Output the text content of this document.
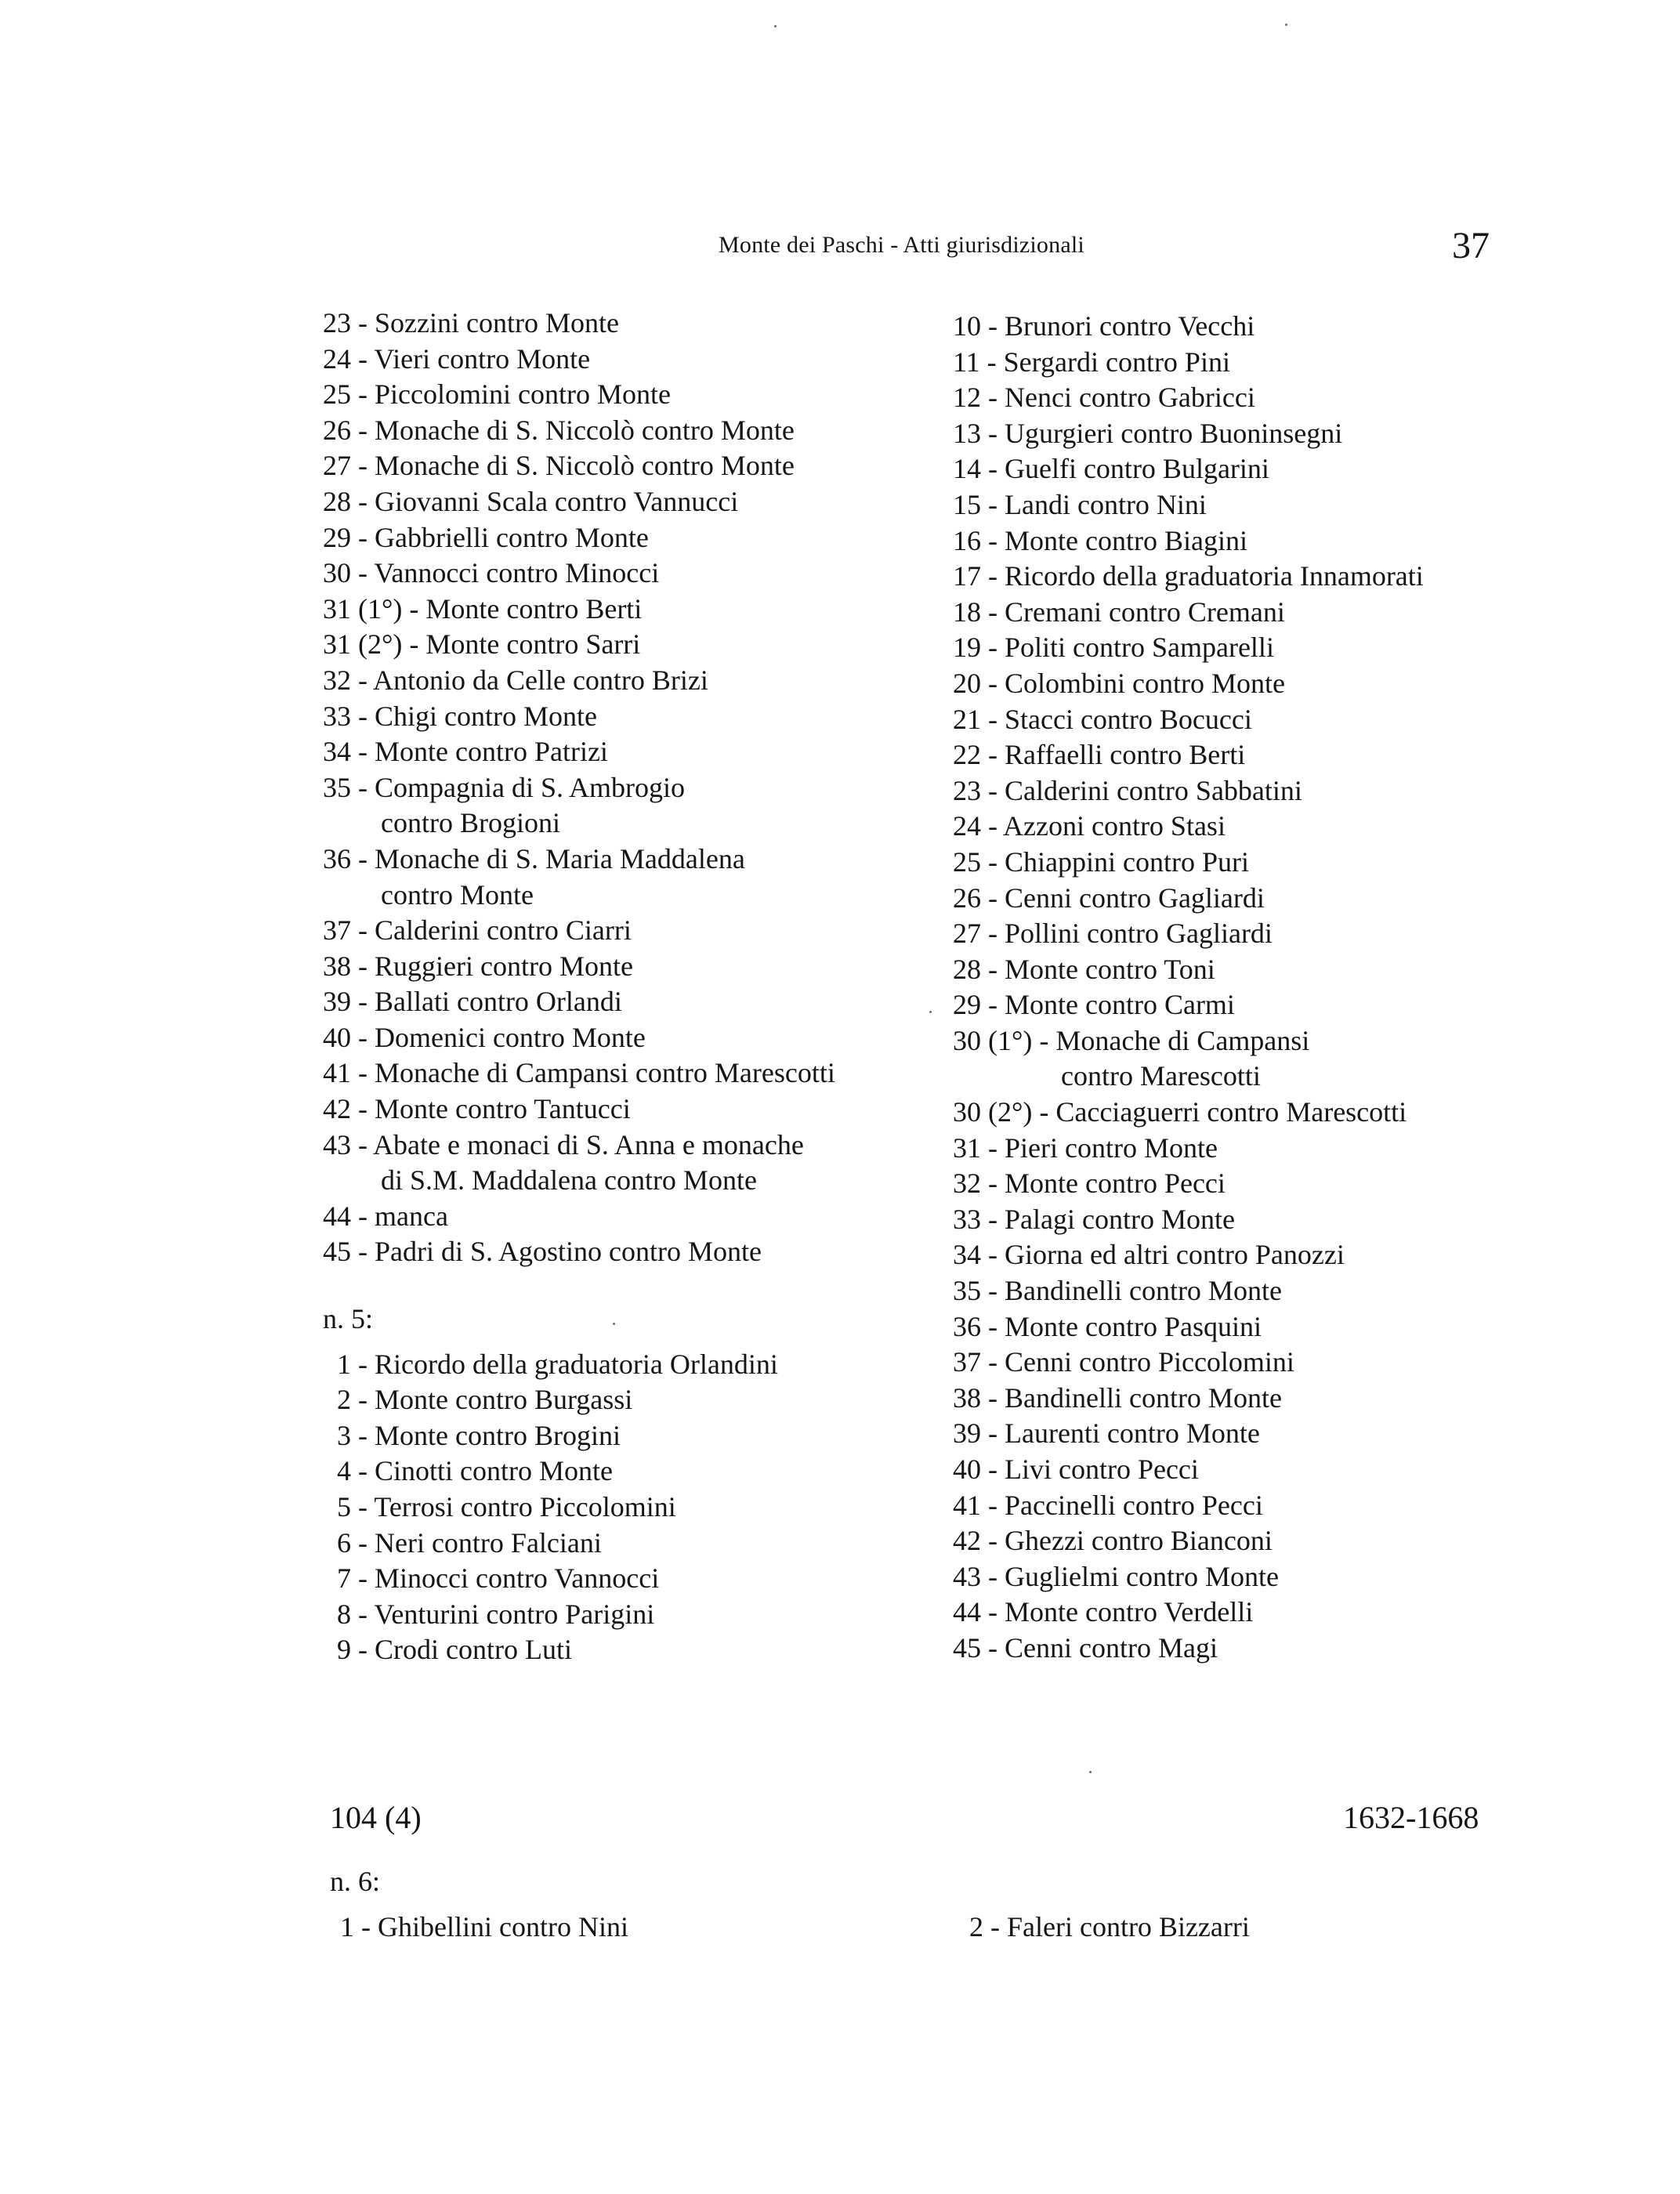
Monte dei Paschi - Atti giurisdizionali	37
23 - Sozzini contro Monte
24 - Vieri contro Monte
25 - Piccolomini contro Monte
26 - Monache di S. Niccolò contro Monte
27 - Monache di S. Niccolò contro Monte
28 - Giovanni Scala contro Vannucci
29 - Gabbrielli contro Monte
30 - Vannocci contro Minocci
31 (1°) - Monte contro Berti
31 (2°) - Monte contro Sarri
32 - Antonio da Celle contro Brizi
33 - Chigi contro Monte
34 - Monte contro Patrizi
35 - Compagnia di S. Ambrogio
contro Brogioni
36 - Monache di S. Maria Maddalena
contro Monte
37 - Calderini contro Ciarri
38 - Ruggieri contro Monte
39 - Ballati contro Orlandi
40 - Domenici contro Monte
41 - Monache di Campansi contro Marescotti
42 - Monte contro Tantucci
43 - Abate e monaci di S. Anna e monache
di S.M. Maddalena contro Monte
44 - manca
45 - Padri di S. Agostino contro Monte
n. 5:
1 - Ricordo della graduatoria Orlandini
2 - Monte contro Burgassi
3 - Monte contro Brogini
4 - Cinotti contro Monte
5 - Terrosi contro Piccolomini
6 - Neri contro Falciani
7 - Minocci contro Vannocci
8 - Venturini contro Parigini
9 - Crodi contro Luti
10 - Brunori contro Vecchi
11 - Sergardi contro Pini
12 - Nenci contro Gabricci
13 - Ugurgieri contro Buoninsegni
14 - Guelfi contro Bulgarini
15 - Landi contro Nini
16 - Monte contro Biagini
17 - Ricordo della graduatoria Innamorati
18 - Cremani contro Cremani
19 - Politi contro Samparelli
20 - Colombini contro Monte
21 - Stacci contro Bocucci
22 - Raffaelli contro Berti
23 - Calderini contro Sabbatini
24 - Azzoni contro Stasi
25 - Chiappini contro Puri
26 - Cenni contro Gagliardi
27 - Pollini contro Gagliardi
28 - Monte contro Toni
29 - Monte contro Carmi
30 (1°) - Monache di Campansi
contro Marescotti
30 (2°) - Cacciaguerri contro Marescotti
31 - Pieri contro Monte
32 - Monte contro Pecci
33 - Palagi contro Monte
34 - Giorna ed altri contro Panozzi
35 - Bandinelli contro Monte
36 - Monte contro Pasquini
37 - Cenni contro Piccolomini
38 - Bandinelli contro Monte
39 - Laurenti contro Monte
40 - Livi contro Pecci
41 - Paccinelli contro Pecci
42 - Ghezzi contro Bianconi
43 - Guglielmi contro Monte
44 - Monte contro Verdelli
45 - Cenni contro Magi
104 (4)	1632-1668
n. 6:
1 - Ghibellini contro Nini	2 - Faleri contro Bizzarri
